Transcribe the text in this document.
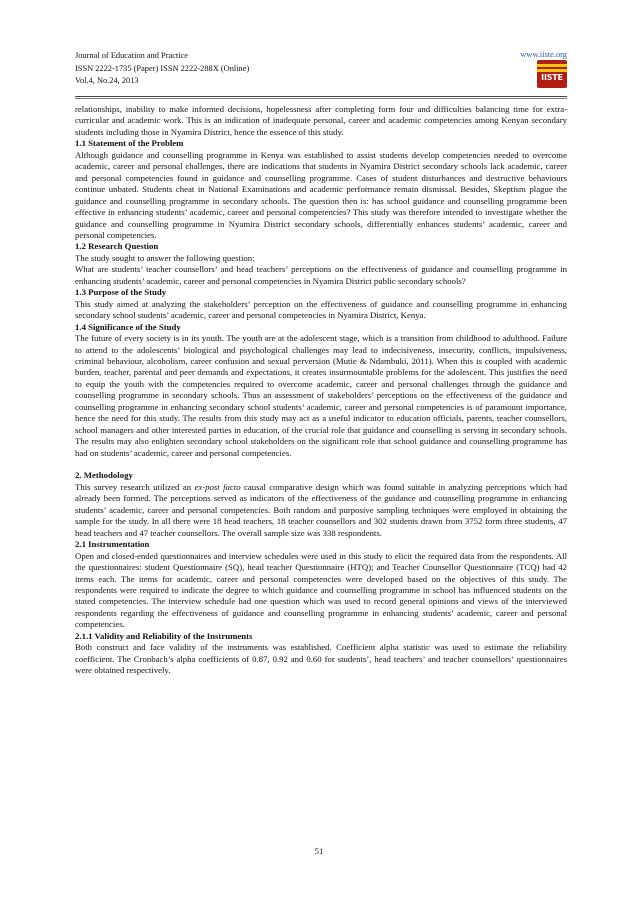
Journal of Education and Practice
ISSN 2222-1735 (Paper) ISSN 2222-288X (Online)
Vol.4, No.24, 2013
www.iiste.org
IISTE

relationships, inability to make informed decisions, hopelessness after completing form four and difficulties balancing time for extra-curricular and academic work. This is an indication of inadequate personal, career and academic competencies among Kenyan secondary students including those in Nyamira District, hence the essence of this study.

1.1 Statement of the Problem

Although guidance and counselling programme in Kenya was established to assist students develop competencies needed to overcome academic, career and personal challenges, there are indications that students in Nyamira District secondary schools lack academic, career and personal competencies found in guidance and counselling programme. Cases of student disturbances and destructive behaviours continue unbated. Students cheat in National Examinations and academic performance remain dismissal. Besides, Skeptism plague the guidance and counselling programme in secondary schools. The question then is: has school guidance and counselling programme been effective in enhancing students’ academic, career and personal competencies? This study was therefore intended to investigate whether the guidance and counselling programme in Nyamira District secondary schools, differentially enhances students’ academic, career and personal competencies.

1.2 Research Question

The study sought to answer the following question:

What are students’ teacher counsellors’ and head teachers’ perceptions on the effectiveness of guidance and counselling programme in enhancing students’ academic, career and personal competencies in Nyamira District public secondary schools?

1.3 Purpose of the Study

This study aimed at analyzing the stakeholders’ perception on the effectiveness of guidance and counselling programme in enhancing secondary school students’ academic, career and personal competencies in Nyamira District, Kenya.

1.4 Significance of the Study

The future of every society is in its youth. The youth are at the adolescent stage, which is a transition from childhood to adulthood. Failure to attend to the adolescents’ biological and psychological challenges may lead to indecisiveness, insecurity, conflicts, impulsiveness, criminal behaviour, alcoholism, career confusion and sexual perversion (Mutie & Ndambuki, 2011). When this is coupled with academic burden, teacher, parental and peer demands and expectations, it creates insurmountable problems for the adolescent. This justifies the need to equip the youth with the competencies required to overcome academic, career and personal challenges through the guidance and counselling programme in secondary schools. Thus an assessment of stakeholders’ perceptions on the effectiveness of the guidance and counselling programme in enhancing secondary school students’ academic, career and personal competencies is of paramount importance, hence the need for this study. The results from this study may act as a useful indicator to education officials, parents, teacher counsellors, school managers and other interested parties in education, of the crucial role that guidance and counselling is serving in secondary schools. The results may also enlighten secondary school stakeholders on the significant role that school guidance and counselling programme has had on students’ academic, career and personal competencies.

2. Methodology

This survey research utilized an ex-post facto causal comparative design which was found suitable in analyzing perceptions which had already been formed. The perceptions served as indicators of the effectiveness of the guidance and counselling programme in enhancing students’ academic, career and personal competencies. Both random and purposive sampling techniques were employed in obtaining the sample for the study. In all there were 18 head teachers, 18 teacher counsellors and 302 students drawn from 3752 form three students, 47 head teachers and 47 teacher counsellors. The overall sample size was 338 respondents.

2.1 Instrumentation

Open and closed-ended questionnaires and interview schedules were used in this study to elicit the required data from the respondents. All the questionnaires: student Questionnaire (SQ), head teacher Questionnaire (HTQ); and Teacher Counsellor Questionnaire (TCQ) had 42 items each. The items for academic, career and personal competencies were developed based on the objectives of this study. The respondents were required to indicate the degree to which guidance and counselling programme in school has influenced students on the stated competencies. The interview schedule had one question which was used to record general opinions and views of the interviewed respondents regarding the effectiveness of guidance and counselling programme in enhancing students’ academic, career and personal competencies.

2.1.1 Validity and Reliability of the Instruments

Both construct and face validity of the instruments was established. Coefficient alpha statistic was used to estimate the reliability coefficient. The Cronbach’s alpha coefficients of 0.87, 0.92 and 0.60 for students’, head teachers’ and teacher counsellors’ questionnaires were obtained respectively.

51
